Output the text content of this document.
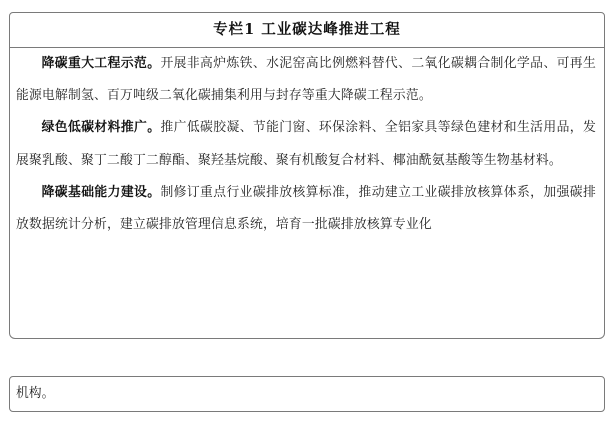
专栏1 工业碳达峰推进工程

降碳重大工程示范。开展非高炉炼铁、水泥窑高比例燃料替代、二氧化碳耦合制化学品、可再生能源电解制氢、百万吨级二氧化碳捕集利用与封存等重大降碳工程示范。

绿色低碳材料推广。推广低碳胶凝、节能门窗、环保涂料、全铝家具等绿色建材和生活用品，发展聚乳酸、聚丁二酸丁二醇酯、聚羟基烷酸、聚有机酸复合材料、椰油酰氨基酸等生物基材料。

降碳基础能力建设。制修订重点行业碳排放核算标准，推动建立工业碳排放核算体系，加强碳排放数据统计分析，建立碳排放管理信息系统，培育一批碳排放核算专业化

机构。
